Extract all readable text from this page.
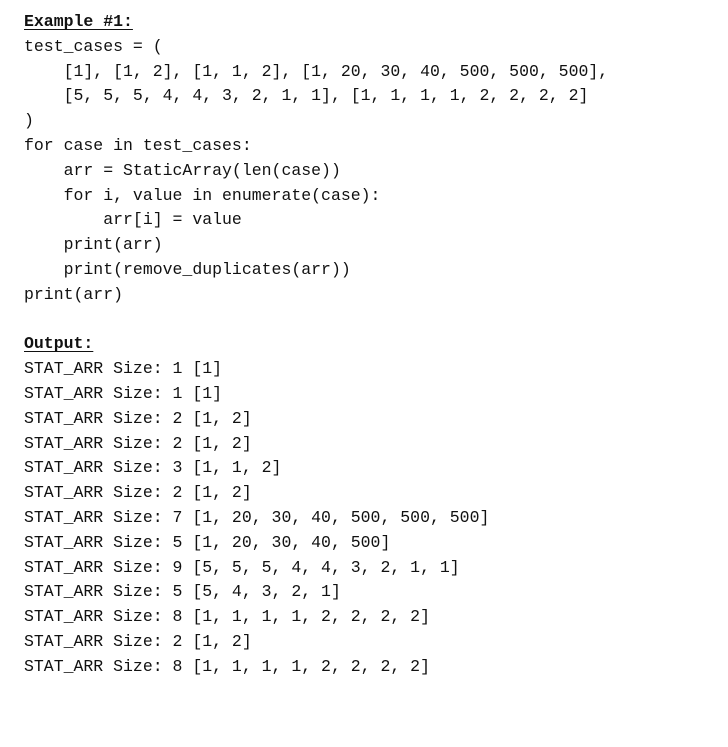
Example #1:
test_cases = (
[1], [1, 2], [1, 1, 2], [1, 20, 30, 40, 500, 500, 500],
[5, 5, 5, 4, 4, 3, 2, 1, 1], [1, 1, 1, 1, 2, 2, 2, 2]
)
for case in test_cases:
arr = StaticArray(len(case))
for i, value in enumerate(case):
arr[i] = value
print(arr)
print(remove_duplicates(arr))
print(arr)
Output:
STAT_ARR Size: 1 [1]
STAT_ARR Size: 1 [1]
STAT_ARR Size: 2 [1, 2]
STAT_ARR Size: 2 [1, 2]
STAT_ARR Size: 3 [1, 1, 2]
STAT_ARR Size: 2 [1, 2]
STAT_ARR Size: 7 [1, 20, 30, 40, 500, 500, 500]
STAT_ARR Size: 5 [1, 20, 30, 40, 500]
STAT_ARR Size: 9 [5, 5, 5, 4, 4, 3, 2, 1, 1]
STAT_ARR Size: 5 [5, 4, 3, 2, 1]
STAT_ARR Size: 8 [1, 1, 1, 1, 2, 2, 2, 2]
STAT_ARR Size: 2 [1, 2]
STAT_ARR Size: 8 [1, 1, 1, 1, 2, 2, 2, 2]
